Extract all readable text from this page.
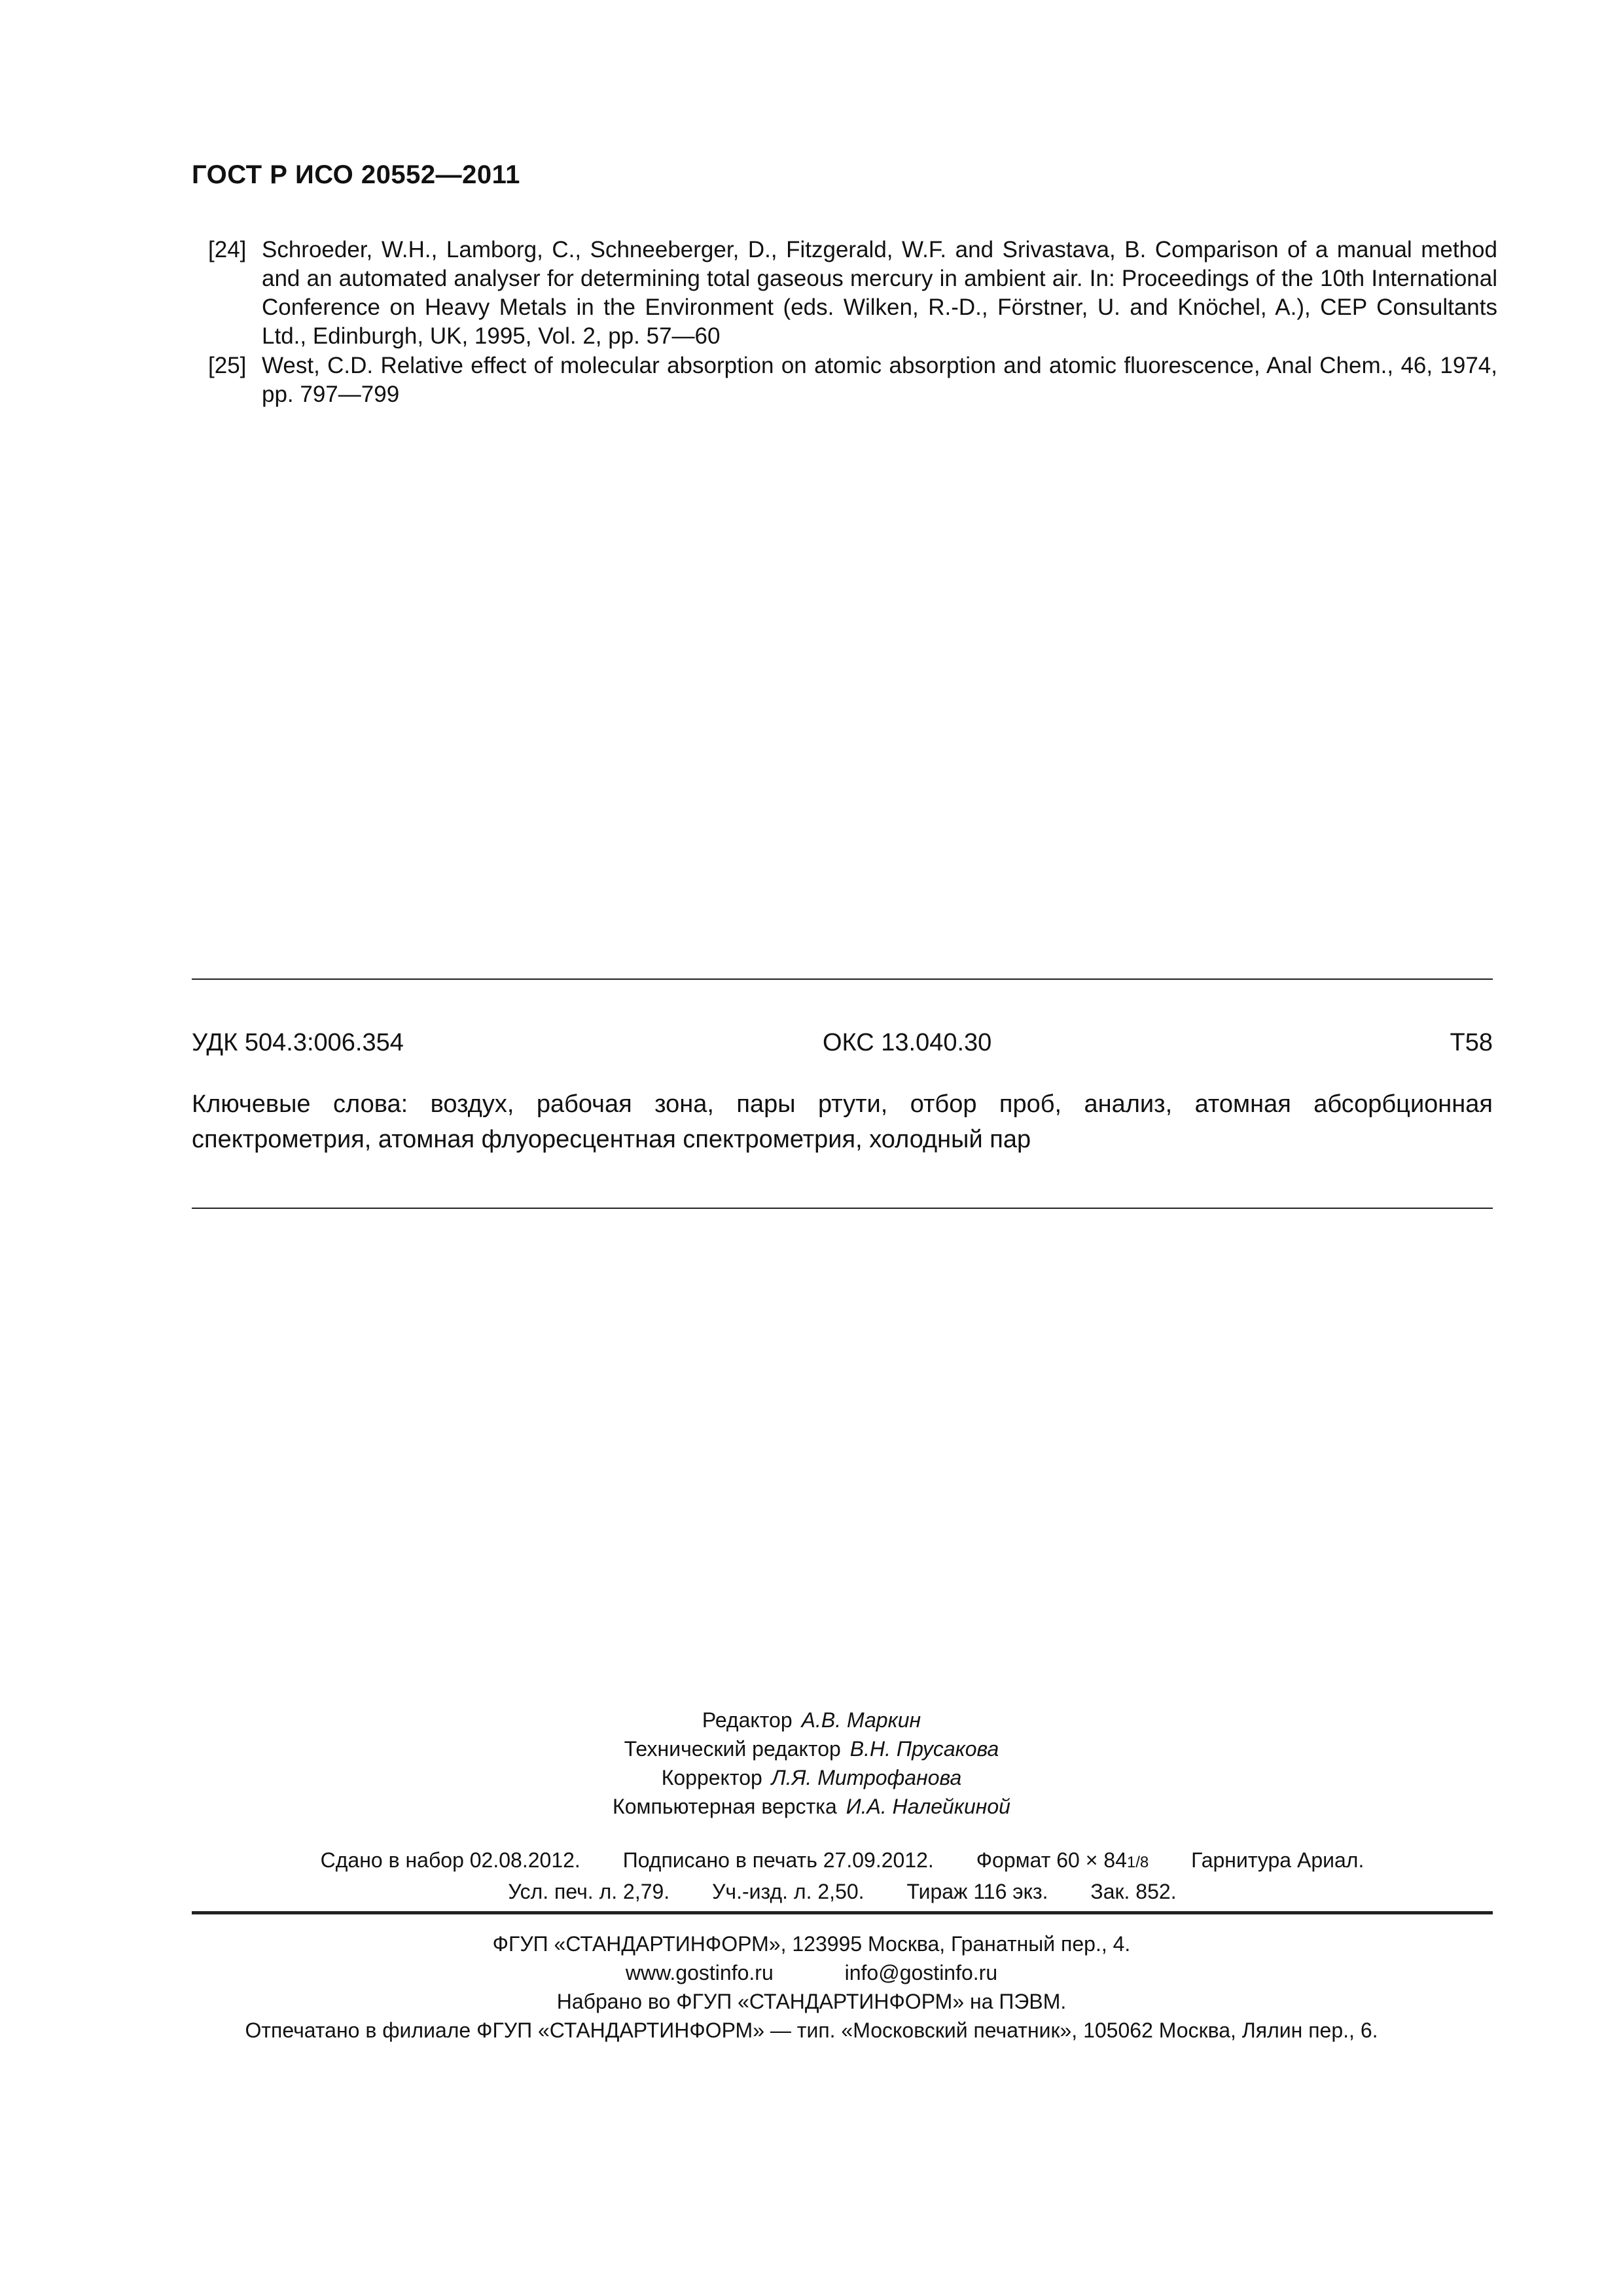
ГОСТ Р ИСО 20552—2011
[24] Schroeder, W.H., Lamborg, C., Schneeberger, D., Fitzgerald, W.F. and Srivastava, B. Comparison of a manual method and an automated analyser for determining total gaseous mercury in ambient air. In: Proceedings of the 10th International Conference on Heavy Metals in the Environment (eds. Wilken, R.-D., Förstner, U. and Knöchel, A.), CEP Consultants Ltd., Edinburgh, UK, 1995, Vol. 2, pp. 57—60
[25] West, C.D. Relative effect of molecular absorption on atomic absorption and atomic fluorescence, Anal Chem., 46, 1974, pp. 797—799
УДК 504.3:006.354	ОКС 13.040.30	Т58
Ключевые слова: воздух, рабочая зона, пары ртути, отбор проб, анализ, атомная абсорбционная спектрометрия, атомная флуоресцентная спектрометрия, холодный пар
Редактор А.В. Маркин
Технический редактор В.Н. Прусакова
Корректор Л.Я. Митрофанова
Компьютерная верстка И.А. Налейкиной
Сдано в набор 02.08.2012. Подписано в печать 27.09.2012. Формат 60 × 841/8 Гарнитура Ариал.
Усл. печ. л. 2,79. Уч.-изд. л. 2,50. Тираж 116 экз. Зак. 852.
ФГУП «СТАНДАРТИНФОРМ», 123995 Москва, Гранатный пер., 4.
www.gostinfo.ru	info@gostinfo.ru
Набрано во ФГУП «СТАНДАРТИНФОРМ» на ПЭВМ.
Отпечатано в филиале ФГУП «СТАНДАРТИНФОРМ» — тип. «Московский печатник», 105062 Москва, Лялин пер., 6.
